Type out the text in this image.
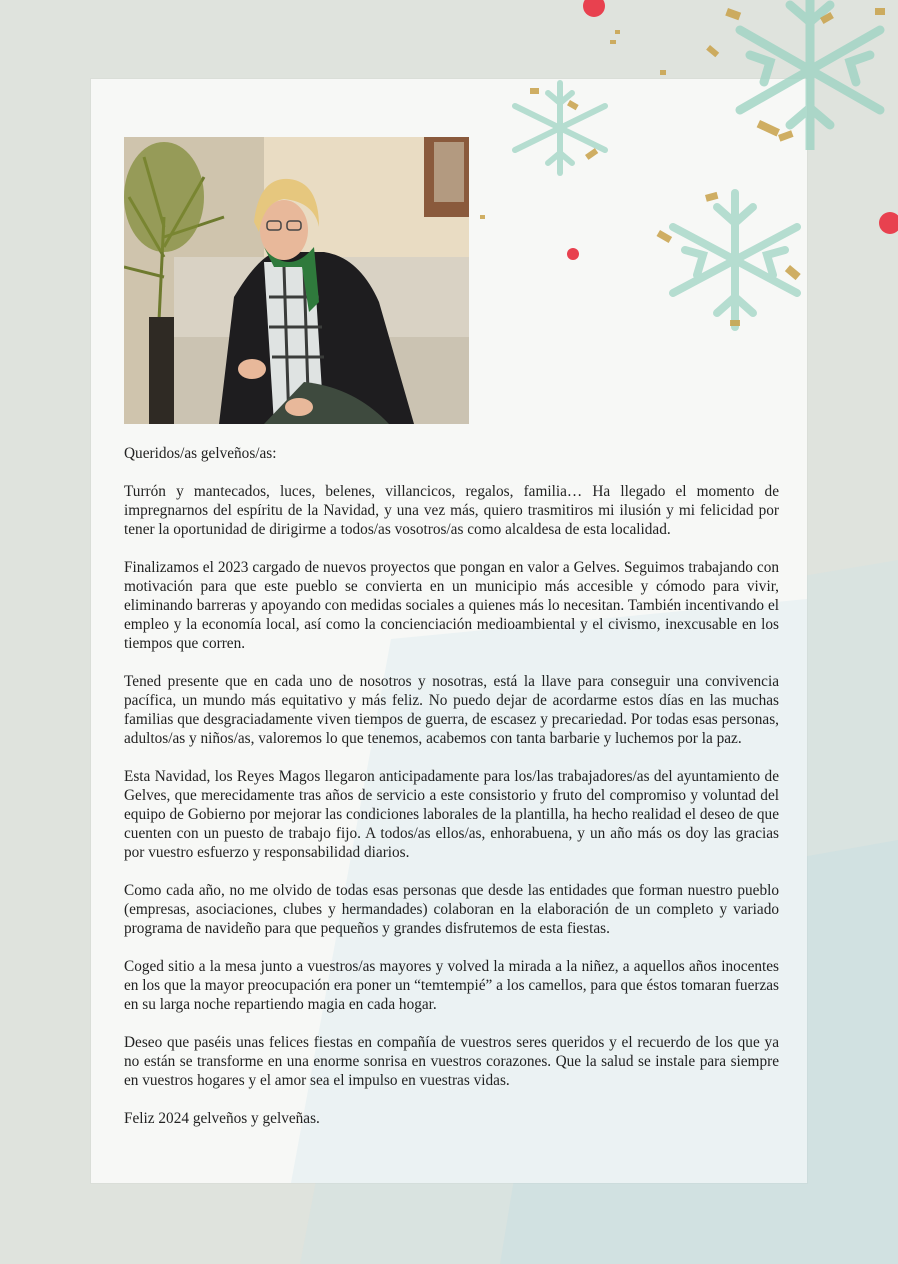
Queridos/as gelveños/as:

Turrón y mantecados, luces, belenes, villancicos, regalos, familia… Ha llegado el momento de impregnarnos del espíritu de la Navidad, y una vez más, quiero trasmitiros mi ilusión y mi felicidad por tener la oportunidad de dirigirme a todos/as vosotros/as como alcaldesa de esta localidad.

Finalizamos el 2023 cargado de nuevos proyectos que pongan en valor a Gelves. Seguimos trabajando con motivación para que este pueblo se convierta en un municipio más accesible y cómodo para vivir, eliminando barreras y apoyando con medidas sociales a quienes más lo necesitan. También incentivando el empleo y la economía local, así como la concienciación medioambiental y el civismo, inexcusable en los tiempos que corren.

Tened presente que en cada uno de nosotros y nosotras, está la llave para conseguir una convivencia pacífica, un mundo más equitativo y más feliz. No puedo dejar de acordarme estos días en las muchas familias que desgraciadamente viven tiempos de guerra, de escasez y precariedad. Por todas esas personas, adultos/as y niños/as, valoremos lo que tenemos, acabemos con tanta barbarie y luchemos por la paz.

Esta Navidad, los Reyes Magos llegaron anticipadamente para los/las trabajadores/as del ayuntamiento de Gelves, que merecidamente tras años de servicio a este consistorio y fruto del compromiso y voluntad del equipo de Gobierno por mejorar las condiciones laborales de la plantilla, ha hecho realidad el deseo de que cuenten con un puesto de trabajo fijo. A todos/as ellos/as, enhorabuena, y un año más os doy las gracias por vuestro esfuerzo y responsabilidad diarios.

Como cada año, no me olvido de todas esas personas que desde las entidades que forman nuestro pueblo (empresas, asociaciones, clubes y hermandades) colaboran en la elaboración de un completo y variado programa de navideño para que pequeños y grandes disfrutemos de esta fiestas.

Coged sitio a la mesa junto a vuestros/as mayores y volved la mirada a la niñez, a aquellos años inocentes en los que la mayor preocupación era poner un “temtempié” a los camellos, para que éstos tomaran fuerzas en su larga noche repartiendo magia en cada hogar.

Deseo que paséis unas felices fiestas en compañía de vuestros seres queridos y el recuerdo de los que ya no están se transforme en una enorme sonrisa en vuestros corazones. Que la salud se instale para siempre en vuestros hogares y el amor sea el impulso en vuestras vidas.

Feliz 2024 gelveños y gelveñas.
